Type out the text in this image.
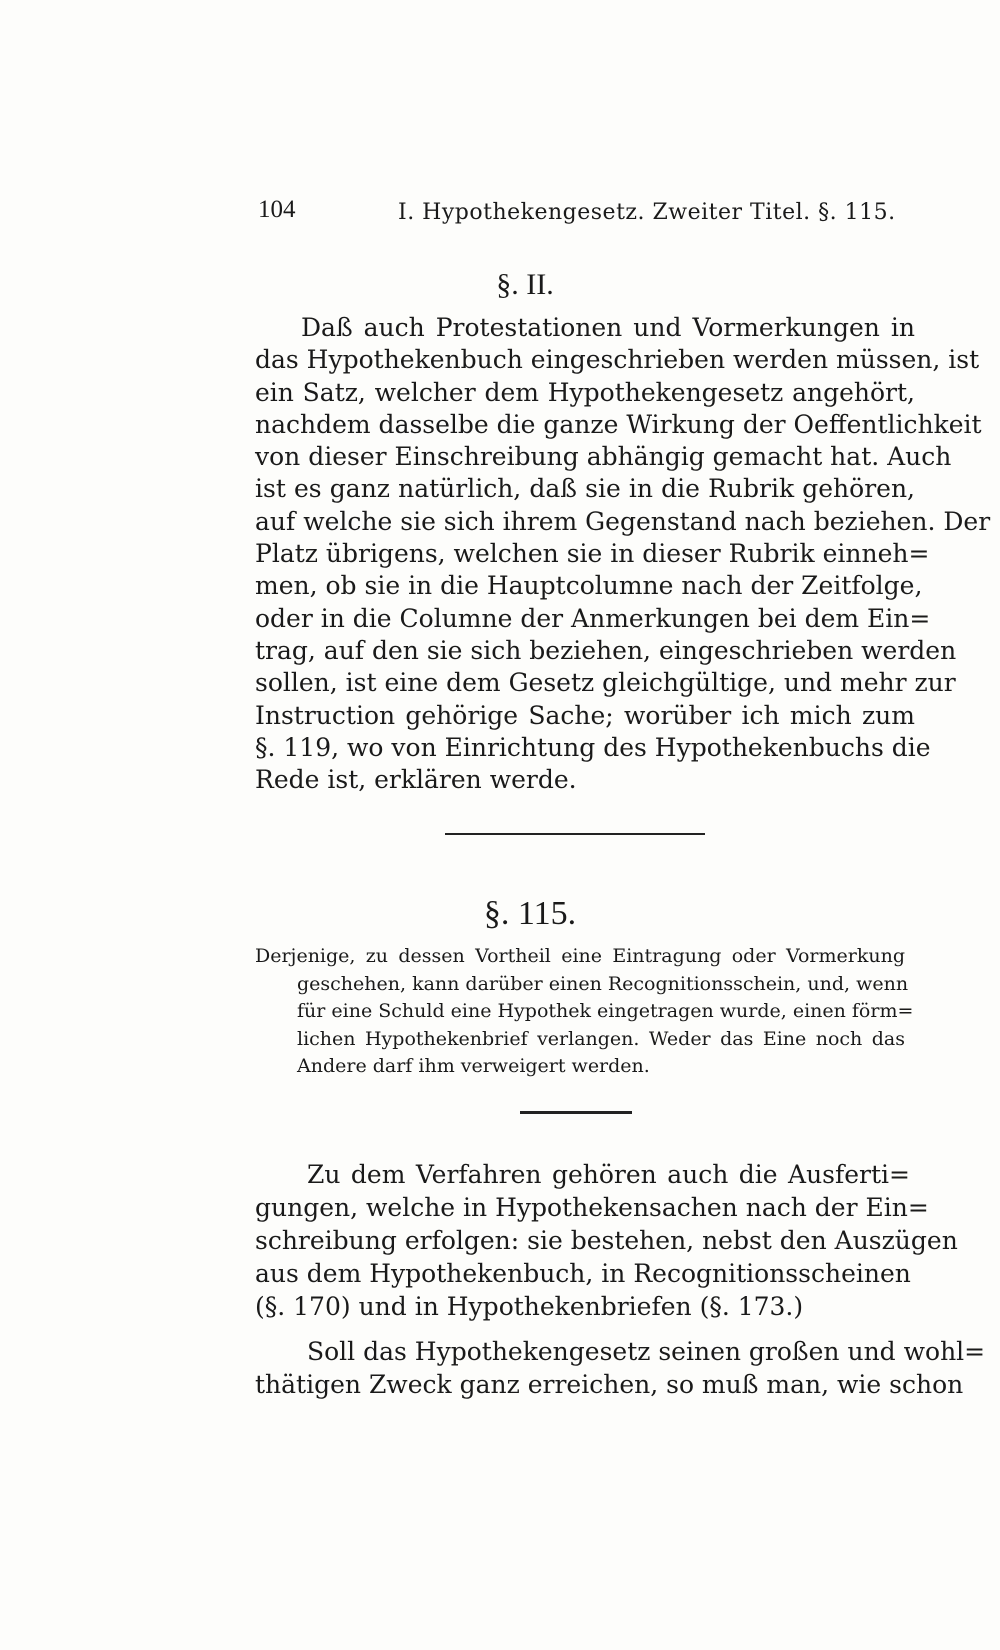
104	I. Hypothekengesetz. Zweiter Titel. §. 115.
§. II.
Daß auch Protestationen und Vormerkungen in
das Hypothekenbuch eingeschrieben werden müssen, ist
ein Satz, welcher dem Hypothekengesetz angehört,
nachdem dasselbe die ganze Wirkung der Oeffentlichkeit
von dieser Einschreibung abhängig gemacht hat. Auch
ist es ganz natürlich, daß sie in die Rubrik gehören,
auf welche sie sich ihrem Gegenstand nach beziehen. Der
Platz übrigens, welchen sie in dieser Rubrik einneh=
men, ob sie in die Hauptcolumne nach der Zeitfolge,
oder in die Columne der Anmerkungen bei dem Ein=
trag, auf den sie sich beziehen, eingeschrieben werden
sollen, ist eine dem Gesetz gleichgültige, und mehr zur
Instruction gehörige Sache; worüber ich mich zum
§. 119, wo von Einrichtung des Hypothekenbuchs die
Rede ist, erklären werde.
§. 115.
Derjenige, zu dessen Vortheil eine Eintragung oder Vormerkung
geschehen, kann darüber einen Recognitionsschein, und, wenn
für eine Schuld eine Hypothek eingetragen wurde, einen förm=
lichen Hypothekenbrief verlangen. Weder das Eine noch das
Andere darf ihm verweigert werden.
Zu dem Verfahren gehören auch die Ausferti=
gungen, welche in Hypothekensachen nach der Ein=
schreibung erfolgen: sie bestehen, nebst den Auszügen
aus dem Hypothekenbuch, in Recognitionsscheinen
(§. 170) und in Hypothekenbriefen (§. 173.)
Soll das Hypothekengesetz seinen großen und wohl=
thätigen Zweck ganz erreichen, so muß man, wie schon
